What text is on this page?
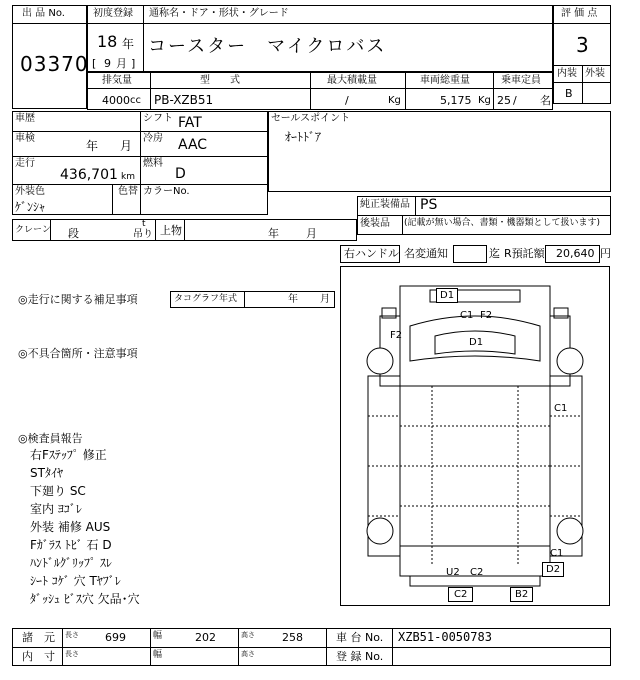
出 品 No.
03370
初度登録 通称名・ドア・形状・グレード
18 年
[ 9 月 ]
コースター　マイクロバス
評 価 点
3
内装 外装
B
排気量	型　　式	最大積載量	車両総重量	乗車定員
4000 cc PB-XZB51	/	Kg	5,175 Kg 25 / 名
車歴	シフト FAT
車検
年 月
冷房 AAC
走行
436,701 km
燃料
D
外装色
ｹﾞﾝｼｬ
色替 カラーNo.
セールスポイント
ｵｰﾄﾄﾞｱ
純正装備品 PS
後装品 (記載が無い場合、書類・機器類として扱います)
クレーン 段
t
吊り 上物	年 月
右ハンドル 名変通知	迄 R預託額 20,640 円
◎走行に関する補足事項	タコグラフ年式	年 月
◎不具合箇所・注意事項
◎検査員報告
右Fｽﾃｯﾌﾟ 修正
STﾀｲﾔ
下廻り SC
室内 ﾖｺﾞﾚ
外装 補修 AUS
Fｶﾞﾗｽ ﾄﾋﾞ 石 D
ﾊﾝﾄﾞﾙｸﾞﾘｯﾌﾟ ｽﾚ
ｼｰﾄ ｺｹﾞ 穴 Tﾔﾌﾞﾚ
ﾀﾞｯｼｭ ﾋﾞｽ穴 欠品･穴
D1
C1 F2
F2
D1
C1
C1
D2
U2 C2
C2	B2
諸　元 長さ 699	幅	202	高さ 258	車 台 No. XZB51-0050783
内　寸 長さ	幅	高さ	登 録 No.
